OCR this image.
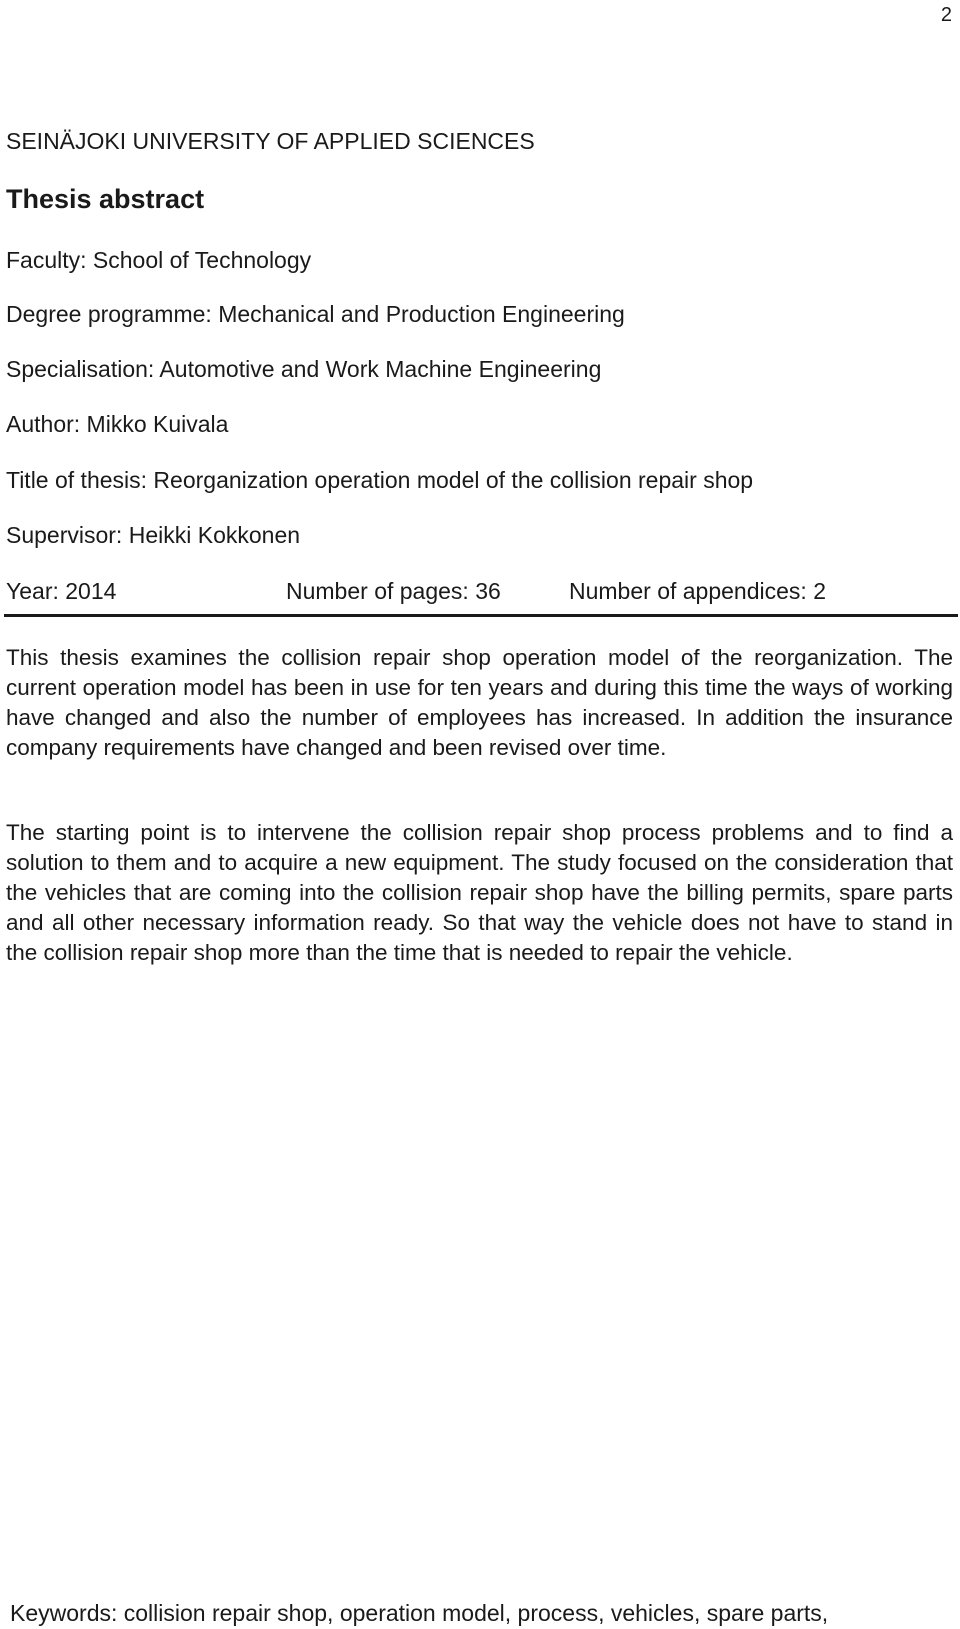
2
SEINÄJOKI UNIVERSITY OF APPLIED SCIENCES
Thesis abstract
Faculty: School of Technology
Degree programme: Mechanical and Production Engineering
Specialisation: Automotive and Work Machine Engineering
Author: Mikko Kuivala
Title of thesis: Reorganization operation model of the collision repair shop
Supervisor: Heikki Kokkonen
Year: 2014	Number of pages: 36	Number of appendices: 2

This thesis examines the collision repair shop operation model of the reorganization. The current operation model has been in use for ten years and during this time the ways of working have changed and also the number of employees has increased. In addition the insurance company requirements have changed and been revised over time.

The starting point is to intervene the collision repair shop process problems and to find a solution to them and to acquire a new equipment. The study focused on the consideration that the vehicles that are coming into the collision repair shop have the billing permits, spare parts and all other necessary information ready. So that way the vehicle does not have to stand in the collision repair shop more than the time that is needed to repair the vehicle.

Keywords: collision repair shop, operation model, process, vehicles, spare parts,
